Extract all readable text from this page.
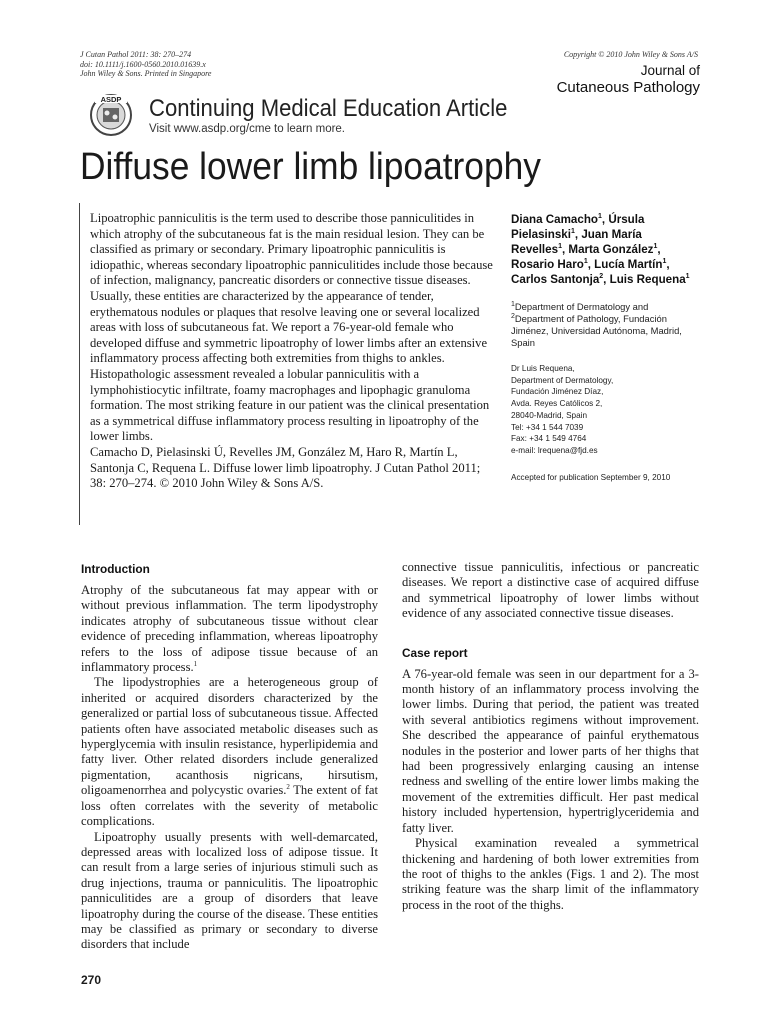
J Cutan Pathol 2011: 38: 270–274
doi: 10.1111/j.1600-0560.2010.01639.x
John Wiley & Sons. Printed in Singapore
Copyright © 2010 John Wiley & Sons A/S
Journal of
Cutaneous Pathology
ASDP Continuing Medical Education Article
Visit www.asdp.org/cme to learn more.
Diffuse lower limb lipoatrophy

Lipoatrophic panniculitis is the term used to describe those panniculitides in which atrophy of the subcutaneous fat is the main residual lesion. They can be classified as primary or secondary. Primary lipoatrophic panniculitis is idiopathic, whereas secondary lipoatrophic panniculitides include those because of infection, malignancy, pancreatic disorders or connective tissue diseases. Usually, these entities are characterized by the appearance of tender, erythematous nodules or plaques that resolve leaving one or several localized areas with loss of subcutaneous fat. We report a 76-year-old female who developed diffuse and symmetric lipoatrophy of lower limbs after an extensive inflammatory process affecting both extremities from thighs to ankles. Histopathologic assessment revealed a lobular panniculitis with a lymphohistiocytic infiltrate, foamy macrophages and lipophagic granuloma formation. The most striking feature in our patient was the clinical presentation as a symmetrical diffuse inflammatory process resulting in lipoatrophy of the lower limbs.

Camacho D, Pielasinski Ú, Revelles JM, González M, Haro R, Martín L, Santonja C, Requena L. Diffuse lower limb lipoatrophy. J Cutan Pathol 2011; 38: 270–274. © 2010 John Wiley & Sons A/S.

Diana Camacho$^1$, Úrsula Pielasinski$^1$, Juan María Revelles$^1$, Marta González$^1$, Rosario Haro$^1$, Lucía Martín$^1$, Carlos Santonja$^2$, Luis Requena$^1$
$^1$Department of Dermatology and
$^2$Department of Pathology, Fundación Jiménez, Universidad Autónoma, Madrid, Spain
Dr Luis Requena,
Department of Dermatology,
Fundación Jiménez Díaz,
Avda. Reyes Católicos 2,
28040-Madrid, Spain
Tel: +34 1 544 7039
Fax: +34 1 549 4764
e-mail: lrequena@fjd.es
Accepted for publication September 9, 2010
Introduction

Atrophy of the subcutaneous fat may appear with or without previous inflammation. The term lipodystrophy indicates atrophy of subcutaneous tissue without clear evidence of preceding inflammation, whereas lipoatrophy refers to the loss of adipose tissue because of an inflammatory process.$^1$

The lipodystrophies are a heterogeneous group of inherited or acquired disorders characterized by the generalized or partial loss of subcutaneous tissue. Affected patients often have associated metabolic diseases such as hyperglycemia with insulin resistance, hyperlipidemia and fatty liver. Other related disorders include generalized pigmentation, acanthosis nigricans, hirsutism, oligoamenorrhea and polycystic ovaries.$^2$ The extent of fat loss often correlates with the severity of metabolic complications.

Lipoatrophy usually presents with well-demarcated, depressed areas with localized loss of adipose tissue. It can result from a large series of injurious stimuli such as drug injections, trauma or panniculitis. The lipoatrophic panniculitides are a group of disorders that leave lipoatrophy during the course of the disease. These entities may be classified as primary or secondary to diverse disorders that include

connective tissue panniculitis, infectious or pancreatic diseases. We report a distinctive case of acquired diffuse and symmetrical lipoatrophy of lower limbs without evidence of any associated connective tissue diseases.

Case report

A 76-year-old female was seen in our department for a 3-month history of an inflammatory process involving the lower limbs. During that period, the patient was treated with several antibiotics regimens without improvement. She described the appearance of painful erythematous nodules in the posterior and lower parts of her thighs that had been progressively enlarging causing an intense redness and swelling of the entire lower limbs making the movement of the extremities difficult. Her past medical history included hypertension, hypertriglyceridemia and fatty liver.

Physical examination revealed a symmetrical thickening and hardening of both lower extremities from the root of thighs to the ankles (Figs. 1 and 2). The most striking feature was the sharp limit of the inflammatory process in the root of the thighs.

270
